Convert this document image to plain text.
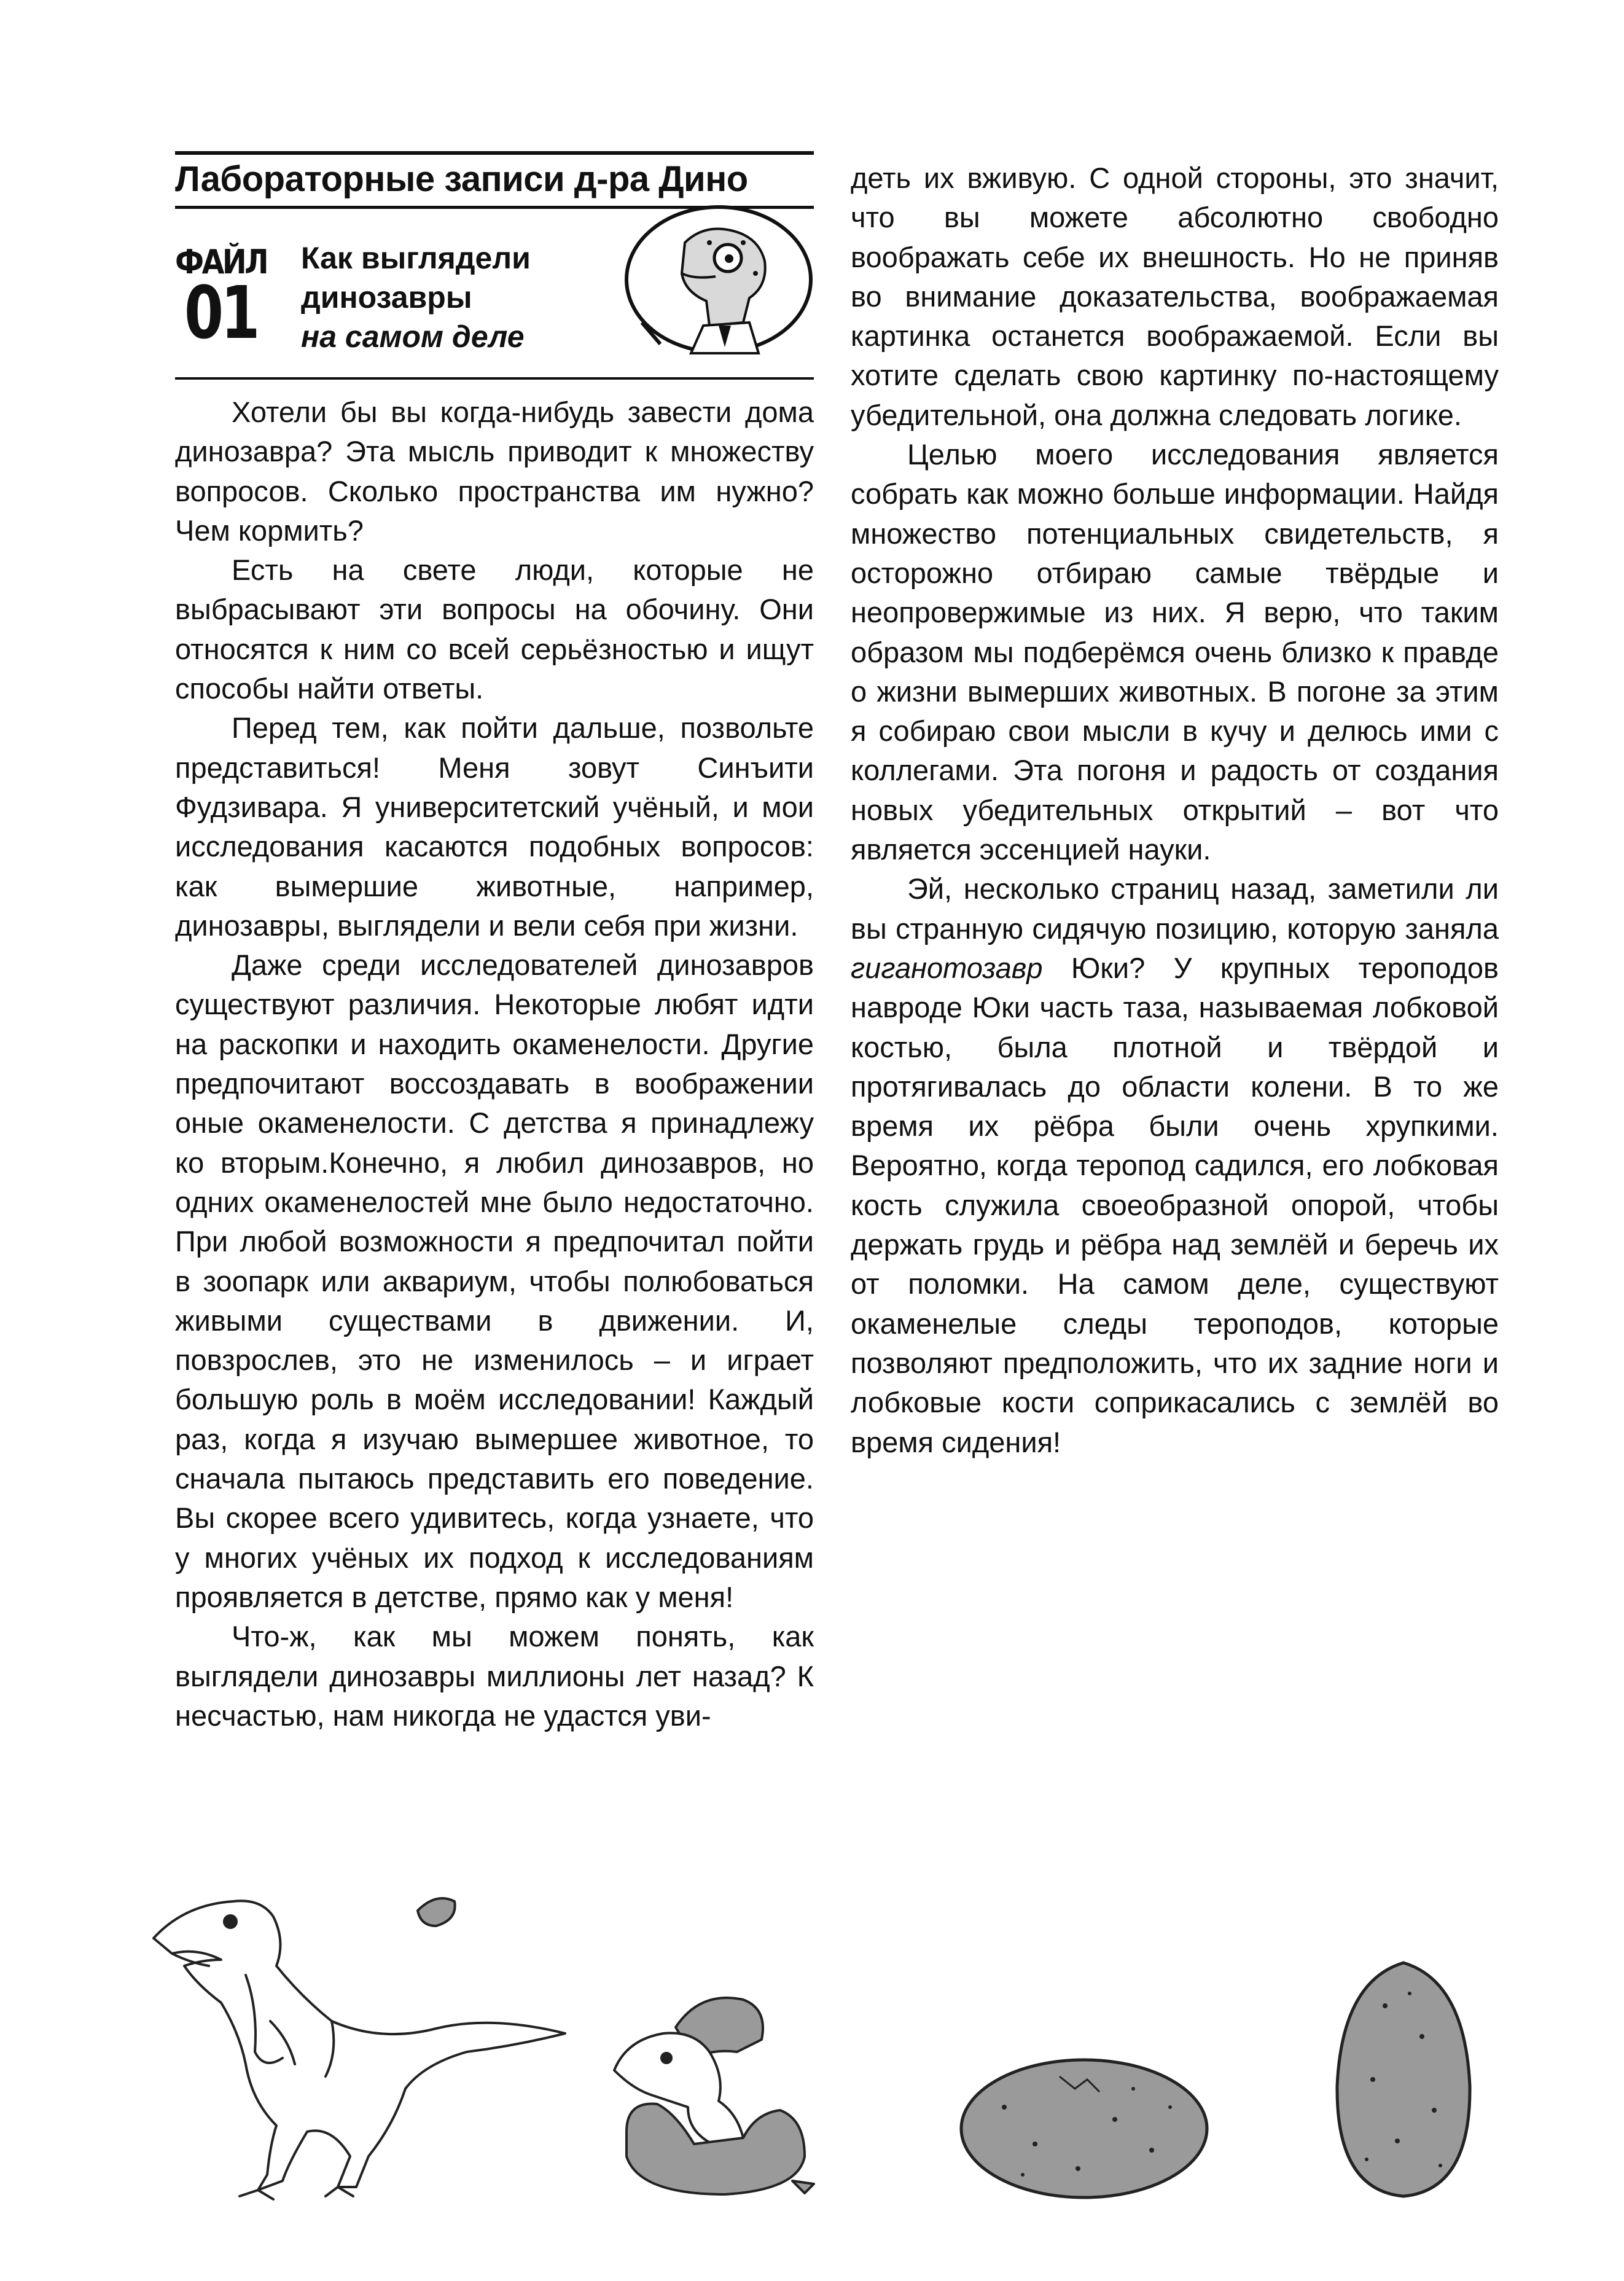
Лабораторные записи д-ра Дино
ФАЙЛ
01
Как выглядели
динозавры
на самом деле

Хотели бы вы когда-нибудь завести дома динозавра? Эта мысль приводит к множеству вопросов. Сколько пространства им нужно? Чем кормить?

Есть на свете люди, которые не выбрасывают эти вопросы на обочину. Они относятся к ним со всей серьёзностью и ищут способы найти ответы.

Перед тем, как пойти дальше, позвольте представиться! Меня зовут Синъити Фудзивара. Я университетский учёный, и мои исследования касаются подобных вопросов: как вымершие животные, например, динозавры, выглядели и вели себя при жизни.

Даже среди исследователей динозавров существуют различия. Некоторые любят идти на раскопки и находить окаменелости. Другие предпочитают воссоздавать в воображении оные окаменелости. С детства я принадлежу ко вторым.Конечно, я любил динозавров, но одних окаменелостей мне было недостаточно. При любой возможности я предпочитал пойти в зоопарк или аквариум, чтобы полюбоваться живыми существами в движении. И, повзрослев, это не изменилось – и играет большую роль в моём исследовании! Каждый раз, когда я изучаю вымершее животное, то сначала пытаюсь представить его поведение. Вы скорее всего удивитесь, когда узнаете, что у многих учёных их подход к исследованиям проявляется в детстве, прямо как у меня!

Что-ж, как мы можем понять, как выглядели динозавры миллионы лет назад? К несчастью, нам никогда не удастся уви-

деть их вживую. С одной стороны, это значит, что вы можете абсолютно свободно воображать себе их внешность. Но не приняв во внимание доказательства, воображаемая картинка останется воображаемой. Если вы хотите сделать свою картинку по-настоящему убедительной, она должна следовать логике.

Целью моего исследования является собрать как можно больше информации. Найдя множество потенциальных свидетельств, я осторожно отбираю самые твёрдые и неопровержимые из них. Я верю, что таким образом мы подберёмся очень близко к правде о жизни вымерших животных. В погоне за этим я собираю свои мысли в кучу и делюсь ими с коллегами. Эта погоня и радость от создания новых убедительных открытий – вот что является эссенцией науки.

Эй, несколько страниц назад, заметили ли вы странную сидячую позицию, которую заняла гиганотозавр Юки? У крупных тероподов навроде Юки часть таза, называемая лобковой костью, была плотной и твёрдой и протягивалась до области колени. В то же время их рёбра были очень хрупкими. Вероятно, когда теропод садился, его лобковая кость служила своеобразной опорой, чтобы держать грудь и рёбра над землёй и беречь их от поломки. На самом деле, существуют окаменелые следы тероподов, которые позволяют предположить, что их задние ноги и лобковые кости соприкасались с землёй во время сидения!
